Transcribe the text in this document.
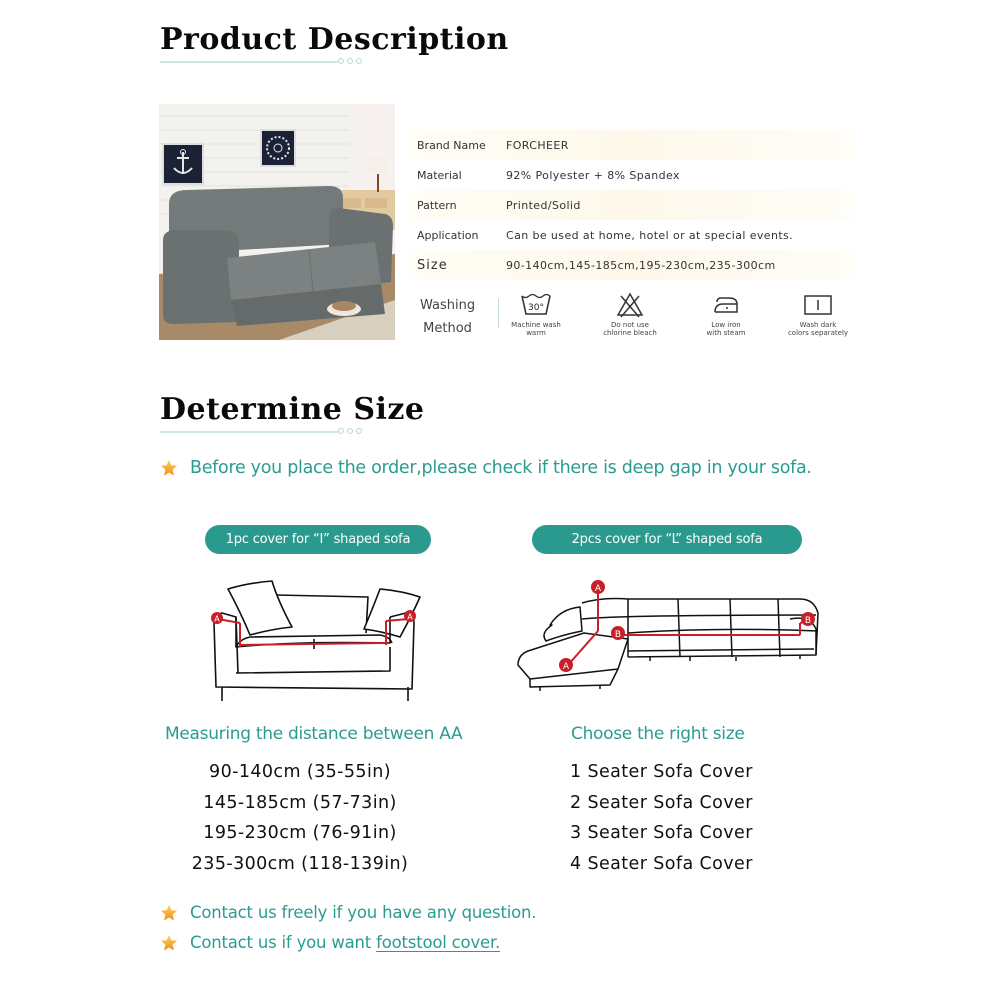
Product Description
Brand Name	FORCHEER
Material	92% Polyester + 8% Spandex
Pattern	Printed/Solid
Application	Can be used at home, hotel or at special events.
Size	90-140cm,145-185cm,195-230cm,235-300cm
Washing
Method
30°
Machine wash
warm
Do not use
chlorine bleach
Low iron
with steam
Wash dark
colors separately
Determine Size
Before you place the order,please check if there is deep gap in your sofa.
1pc cover for “I” shaped sofa	2pcs cover for “L” shaped sofa
A	A
A
A
B
B
Measuring the distance between AA
90-140cm (35-55in)
145-185cm (57-73in)
195-230cm (76-91in)
235-300cm (118-139in)
Choose the right size
1 Seater Sofa Cover
2 Seater Sofa Cover
3 Seater Sofa Cover
4 Seater Sofa Cover
Contact us freely if you have any question.
Contact us if you want footstool cover.
